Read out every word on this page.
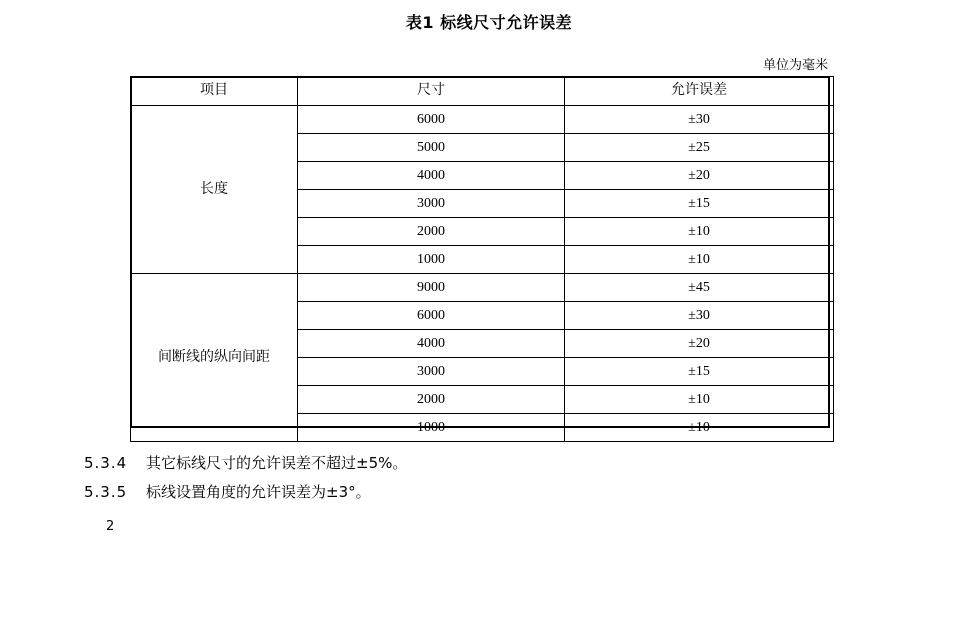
表1 标线尺寸允许误差
单位为毫米
项目	尺寸	允许误差
长度	6000	±30
	5000	±25
	4000	±20
	3000	±15
	2000	±10
	1000	±10
间断线的纵向间距	9000	±45
	6000	±30
	4000	±20
	3000	±15
	2000	±10
	1000	±10
5.3.4 其它标线尺寸的允许误差不超过±5%。
5.3.5 标线设置角度的允许误差为±3°。
2
